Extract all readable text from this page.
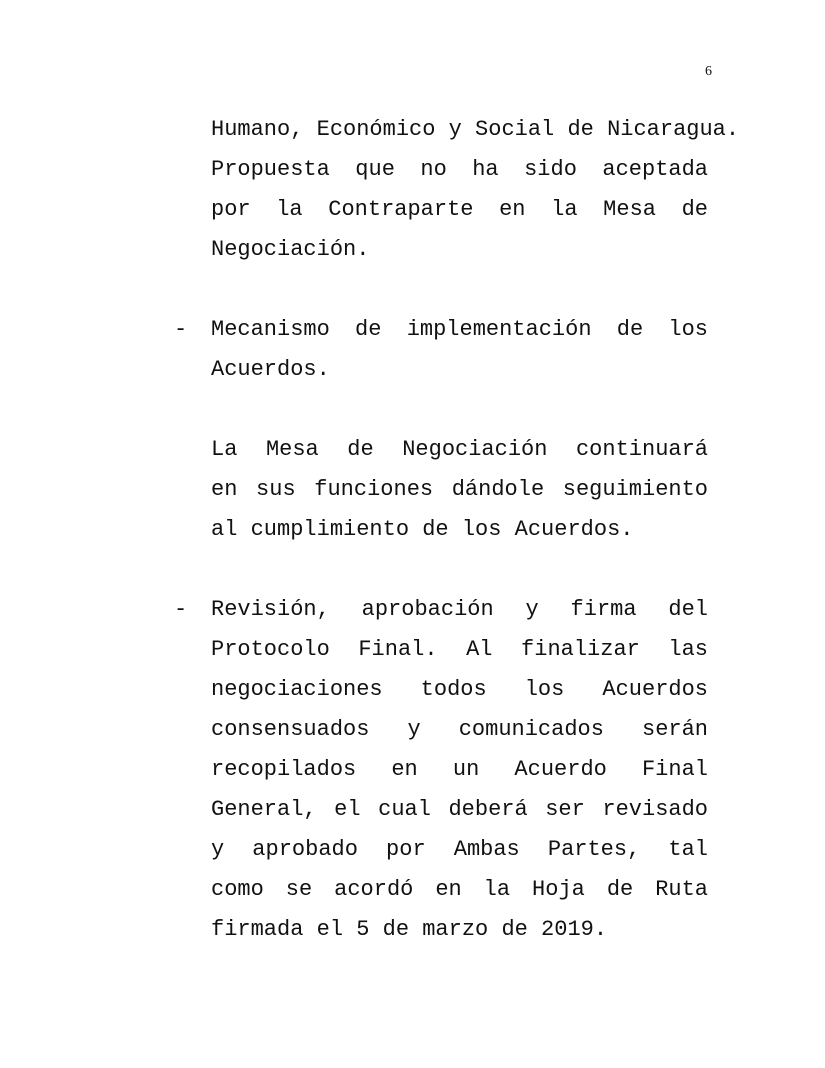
6
Humano, Económico y Social de Nicaragua.
Propuesta que no ha sido aceptada
por la Contraparte en la Mesa de
Negociación.
- Mecanismo de implementación de los
Acuerdos.
La Mesa de Negociación continuará
en sus funciones dándole seguimiento
al cumplimiento de los Acuerdos.
- Revisión, aprobación y firma del
Protocolo Final. Al finalizar las
negociaciones todos los Acuerdos
consensuados y comunicados serán
recopilados en un Acuerdo Final
General, el cual deberá ser revisado
y aprobado por Ambas Partes, tal
como se acordó en la Hoja de Ruta
firmada el 5 de marzo de 2019.
